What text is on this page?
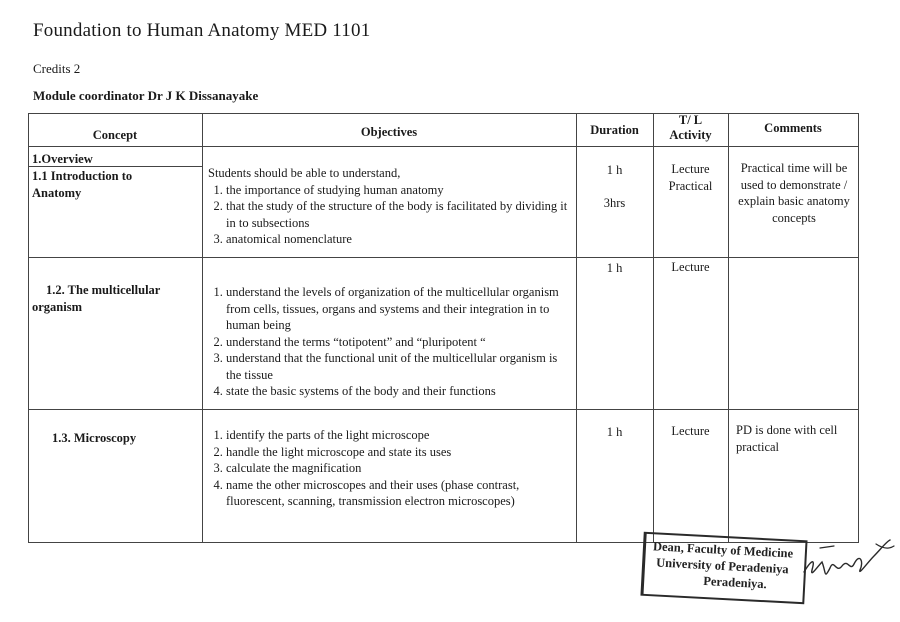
Foundation to Human Anatomy MED 1101
Credits 2
Module coordinator Dr J K Dissanayake
Concept	Objectives	Duration
T/ L
Activity	Comments
1.Overview
1.1 Introduction to Anatomy
Students should be able to understand,
1. the importance of studying human anatomy
2. that the study of the structure of the body is facilitated by dividing it in to subsections
3. anatomical nomenclature
1 h
3hrs
Lecture
Practical
Practical time will be used to demonstrate / explain basic anatomy concepts
1.2. The multicellular organism
1. understand the levels of organization of the multicellular organism from cells, tissues, organs and systems and their integration in to human being
2. understand the terms “totipotent” and “pluripotent “
3. understand that the functional unit of the multicellular organism is the tissue
4. state the basic systems of the body and their functions
1 h	Lecture
1.3. Microscopy
1.	identify the parts of the light microscope
2. handle the light microscope and state its uses
3. calculate the magnification
4. name the other microscopes and their uses (phase contrast, fluorescent, scanning, transmission electron microscopes)
1 h	Lecture	PD is done with cell practical
Dean, Faculty of Medicine
University of Peradeniya
Peradeniya.
